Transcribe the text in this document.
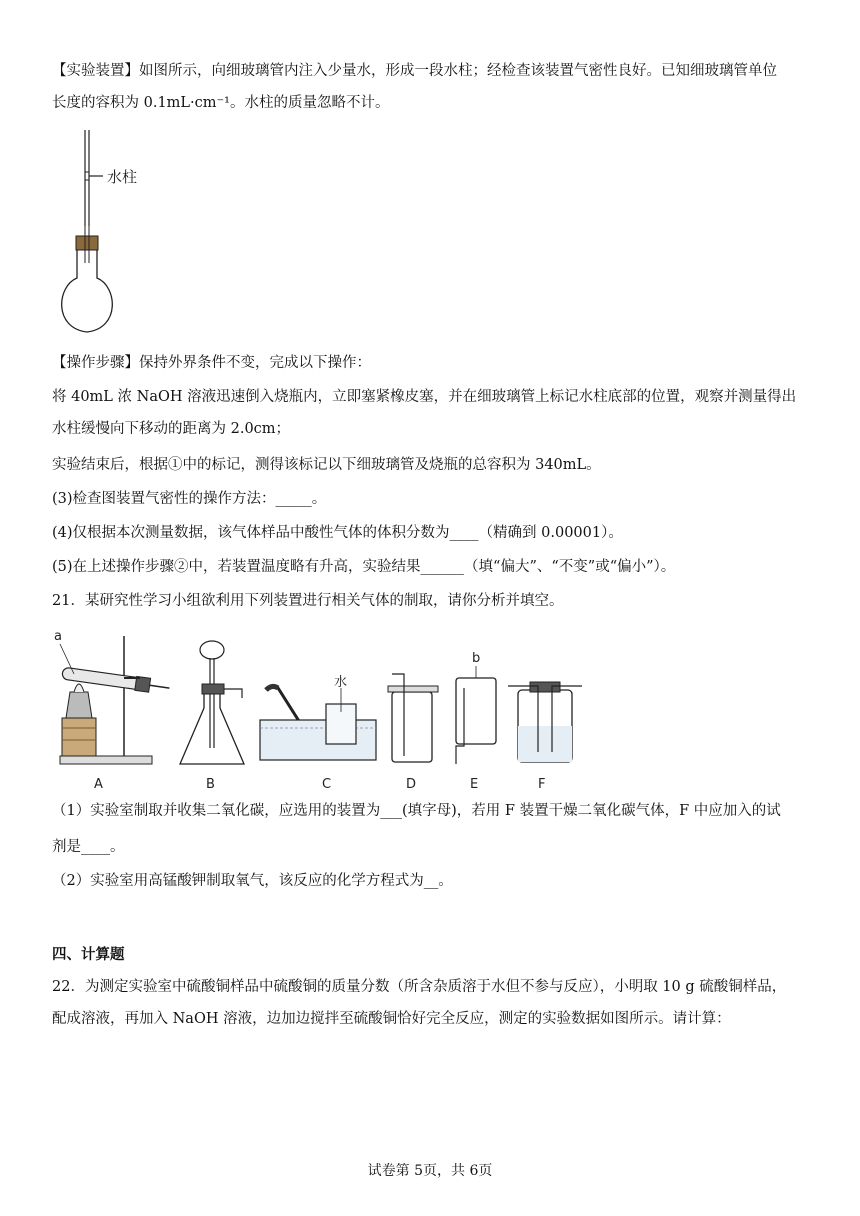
【实验装置】如图所示，向细玻璃管内注入少量水，形成一段水柱；经检查该装置气密性良好。已知细玻璃管单位
长度的容积为 0.1mL·cm⁻¹。水柱的质量忽略不计。
水柱
【操作步骤】保持外界条件不变，完成以下操作：
将 40mL 浓 NaOH 溶液迅速倒入烧瓶内，立即塞紧橡皮塞，并在细玻璃管上标记水柱底部的位置，观察并测量得出
水柱缓慢向下移动的距离为 2.0cm；
实验结束后，根据①中的标记，测得该标记以下细玻璃管及烧瓶的总容积为 340mL。
(3)检查图装置气密性的操作方法：_____。
(4)仅根据本次测量数据，该气体样品中酸性气体的体积分数为____（精确到 0.00001）。
(5)在上述操作步骤②中，若装置温度略有升高，实验结果______（填“偏大”、“不变”或“偏小”）。
21．某研究性学习小组欲利用下列装置进行相关气体的制取，请你分析并填空。
a
A	B
水
C	D
b
E	F
（1）实验室制取并收集二氧化碳，应选用的装置为___(填字母)，若用 F 装置干燥二氧化碳气体，F 中应加入的试
剂是____。
（2）实验室用高锰酸钾制取氧气，该反应的化学方程式为__。
四、计算题
22．为测定实验室中硫酸铜样品中硫酸铜的质量分数（所含杂质溶于水但不参与反应），小明取 10 g 硫酸铜样品，
配成溶液，再加入 NaOH 溶液，边加边搅拌至硫酸铜恰好完全反应，测定的实验数据如图所示。请计算：
试卷第 5页，共 6页
